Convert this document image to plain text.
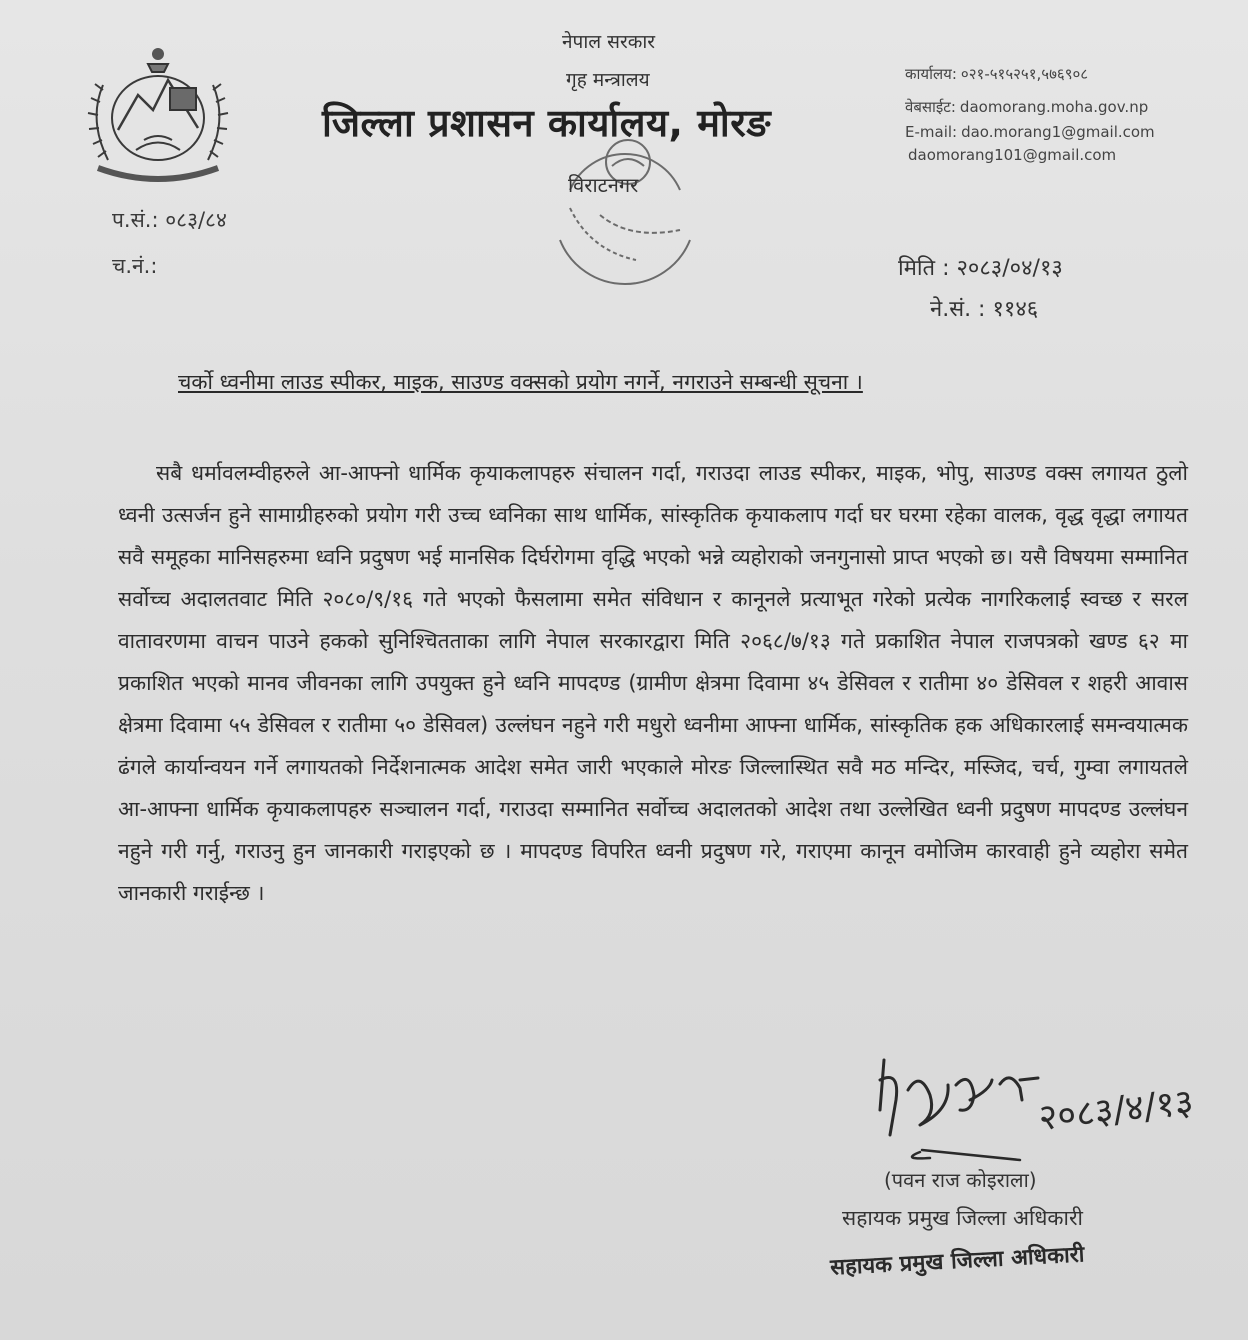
नेपाल सरकार
गृह मन्त्रालय
जिल्ला प्रशासन कार्यालय, मोरङ
कार्यालय: ०२१-५१५२५१,५७६९०८
वेबसाईट: daomorang.moha.gov.np
E-mail: dao.morang1@gmail.com
daomorang101@gmail.com
विराटनगर
प.सं.: ०८३/८४
च.नं.:	मिति : २०८३/०४/१३
ने.सं. : ११४६
चर्को ध्वनीमा लाउड स्पीकर, माइक, साउण्ड वक्सको प्रयोग नगर्ने, नगराउने सम्बन्धी सूचना ।
सबै धर्मावलम्वीहरुले आ-आफ्नो धार्मिक कृयाकलापहरु संचालन गर्दा, गराउदा लाउड स्पीकर, माइक, भोपु, साउण्ड वक्स लगायत ठुलो ध्वनी उत्सर्जन हुने सामाग्रीहरुको प्रयोग गरी उच्च ध्वनिका साथ धार्मिक, सांस्कृतिक कृयाकलाप गर्दा घर घरमा रहेका वालक, वृद्ध वृद्धा लगायत सवै समूहका मानिसहरुमा ध्वनि प्रदुषण भई मानसिक दिर्घरोगमा वृद्धि भएको भन्ने व्यहोराको जनगुनासो प्राप्त भएको छ। यसै विषयमा सम्मानित सर्वोच्च अदालतवाट मिति २०८०/९/१६ गते भएको फैसलामा समेत संविधान र कानूनले प्रत्याभूत गरेको प्रत्येक नागरिकलाई स्वच्छ र सरल वातावरणमा वाचन पाउने हकको सुनिश्चितताका लागि नेपाल सरकारद्वारा मिति २०६८/७/१३ गते प्रकाशित नेपाल राजपत्रको खण्ड ६२ मा प्रकाशित भएको मानव जीवनका लागि उपयुक्त हुने ध्वनि मापदण्ड (ग्रामीण क्षेत्रमा दिवामा ४५ डेसिवल र रातीमा ४० डेसिवल र शहरी आवास क्षेत्रमा दिवामा ५५ डेसिवल र रातीमा ५० डेसिवल) उल्लंघन नहुने गरी मधुरो ध्वनीमा आफ्ना धार्मिक, सांस्कृतिक हक अधिकारलाई समन्वयात्मक ढंगले कार्यान्वयन गर्ने लगायतको निर्देशनात्मक आदेश समेत जारी भएकाले मोरङ जिल्लास्थित सवै मठ मन्दिर, मस्जिद, चर्च, गुम्वा लगायतले आ-आफ्ना धार्मिक कृयाकलापहरु सञ्चालन गर्दा, गराउदा सम्मानित सर्वोच्च अदालतको आदेश तथा उल्लेखित ध्वनी प्रदुषण मापदण्ड उल्लंघन नहुने गरी गर्नु, गराउनु हुन जानकारी गराइएको छ । मापदण्ड विपरित ध्वनी प्रदुषण गरे, गराएमा कानून वमोजिम कारवाही हुने व्यहोरा समेत जानकारी गराईन्छ ।
२०८३/४/१३
(पवन राज कोइराला)
सहायक प्रमुख जिल्ला अधिकारी
सहायक प्रमुख जिल्ला अधिकारी
